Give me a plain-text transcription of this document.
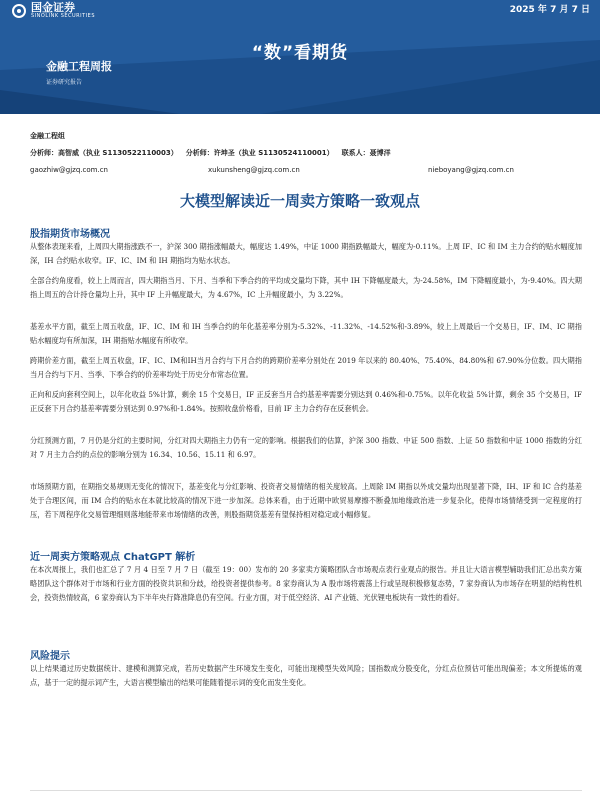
国金证券
SINOLINK SECURITIES
2025 年 7 月 7 日
“数”看期货
金融工程周报
证券研究报告
金融工程组
分析师：高智威（执业 S1130522110003） 分析师：许坤圣（执业 S1130524110001） 联系人：聂博洋
gaozhiw@gjzq.com.cn	xukunsheng@gjzq.com.cn	nieboyang@gjzq.com.cn
大模型解读近一周卖方策略一致观点
股指期货市场概况
从整体表现来看，上周四大期指涨跌不一，沪深 300 期指涨幅最大，幅度达 1.49%，中证 1000 期指跌幅最大，幅度为-0.11%。上周 IF、IC 和 IM 主力合约的贴水幅度加深，IH 合约贴水收窄。IF、IC、IM 和 IH 期指均为贴水状态。
全部合约角度看，较上上周而言，四大期指当月、下月、当季和下季合约的平均成交量均下降，其中 IH 下降幅度最大，为-24.58%，IM 下降幅度最小，为-9.40%。四大期指上周五的合计持仓量均上升，其中 IF 上升幅度最大，为 4.67%，IC 上升幅度最小，为 3.22%。
基差水平方面，截至上周五收盘，IF、IC、IM 和 IH 当季合约的年化基差率分别为-5.32%、-11.32%、-14.52%和-3.89%，较上上周最后一个交易日，IF、IM、IC 期指贴水幅度均有所加深，IH 期指贴水幅度有所收窄。
跨期价差方面，截至上周五收盘，IF、IC、IM和IH当月合约与下月合约的跨期价差率分别处在 2019 年以来的 80.40%、75.40%、84.80%和 67.90%分位数。四大期指当月合约与下月、当季、下季合约的价差率均处于历史分布常态位置。
正向和反向套利空间上，以年化收益 5%计算，剩余 15 个交易日，IF 正反套当月合约基差率需要分别达到 0.46%和-0.75%。以年化收益 5%计算，剩余 35 个交易日，IF 正反套下月合约基差率需要分别达到 0.97%和-1.84%。按照收盘价格看，目前 IF 主力合约存在反套机会。
分红预测方面，7 月仍是分红的主要时间，分红对四大期指主力仍有一定的影响。根据我们的估算，沪深 300 指数、中证 500 指数、上证 50 指数和中证 1000 指数的分红对 7 月主力合约的点位的影响分别为 16.34、10.56、15.11 和 6.97。
市场预期方面，在期指交易规则无变化的情况下，基差变化与分红影响、投资者交易情绪的相关度较高。上周除 IM 期指以外成交量均出现显著下降，IH、IF 和 IC 合约基差处于合理区间，而 IM 合约的贴水在本就比较高的情况下进一步加深。总体来看，由于近期中欧贸易摩擦不断叠加地缘政治进一步复杂化，使得市场情绪受到一定程度的打压，若下周程序化交易管理细则落地能带来市场情绪的改善，则股指期货基差有望保持相对稳定或小幅修复。
近一周卖方策略观点 ChatGPT 解析
在本次周报上，我们也汇总了 7 月 4 日至 7 月 7 日（截至 19：00）发布的 20 多家卖方策略团队含市场观点表行业观点的报告。并且让大语言模型辅助我们汇总出卖方策略团队这个群体对于市场和行业方面的投资共识和分歧，给投资者提供参考。8 家券商认为 A 股市场将震荡上行或呈现积极修复态势，7 家券商认为市场存在明显的结构性机会，投资热情较高，6 家券商认为下半年央行降准降息仍有空间。行业方面，对于低空经济、AI 产业链、光伏锂电板块有一致性的看好。
风险提示
以上结果通过历史数据统计、建模和测算完成，若历史数据产生环境发生变化，可能出现模型失效风险；国指数成分股变化，分红点位预估可能出现偏差；本文所提炼的观点，基于一定的提示词产生，大语言模型输出的结果可能随着提示词的变化而发生变化。
